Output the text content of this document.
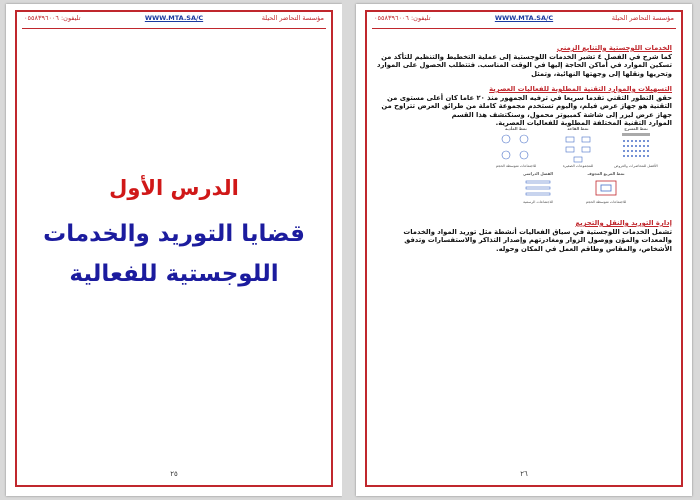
مؤسسة التحاضر الحيلة
WWW.MTA.SA/C
تليفون: ٠٥٥٨٣٩٦٠٠٦
الدرس الأول
قضايا التوريد والخدمات اللوجستية للفعالية
٢٥
مؤسسة التحاضر الحيلة
WWW.MTA.SA/C
تليفون: ٠٥٥٨٣٩٦٠٠٦
الخدمات اللوجستية والتنابع الزمني

كما شرح في الفصل ٤ تشير الخدمات اللوجستية إلى عملية التخطيط والتنظيم للتأكد من تسكين الموارد في أماكن الحاجة إليها في الوقت المناسب. فتتطلب الحصول على الموارد وتحريها ونقلها إلى وجهتها النهائية، وتمثل

التسهيلات والموارد التقنية المطلوبة للفعاليات العصرية

حقق التطور التقني تقدما سريعا في ترفيه الجمهور منذ ٢٠ عاما كان أعلى مستوى من التقنية هو جهاز عرض فيلم، واليوم تستخدم مجموعة كاملة من طرائق العرض تتراوح من جهاز عرض ليزر إلى شاشة كمبيوتر محمول، وسنكتشف هذا القسم

الموارد التقنية المختلفة المطلوبة للفعاليات العصرية.

نمط المسرح
نمط القاعة
نمط المأدبة
الأفضل للمحاضرات والعروض
للمجموعات الصغيرة
للاجتماعات متوسطة الحجم
نمط المربع المجوف
الفصل الدراسي
للاجتماعات متوسطة الحجم
للاجتماعات الرسمية
إدارة التوريد والنقل والتجزيع

تشمل الخدمات اللوجستية في سياق الفعاليات أنشطة مثل توريد المواد والخدمات والمعدات والمؤن ووصول الزوار ومغادرتهم وإصدار التذاكر والاستفسارات وتدفق الأشخاص، والمقاس وطاقم العمل في المكان وحوله.

٢٦
